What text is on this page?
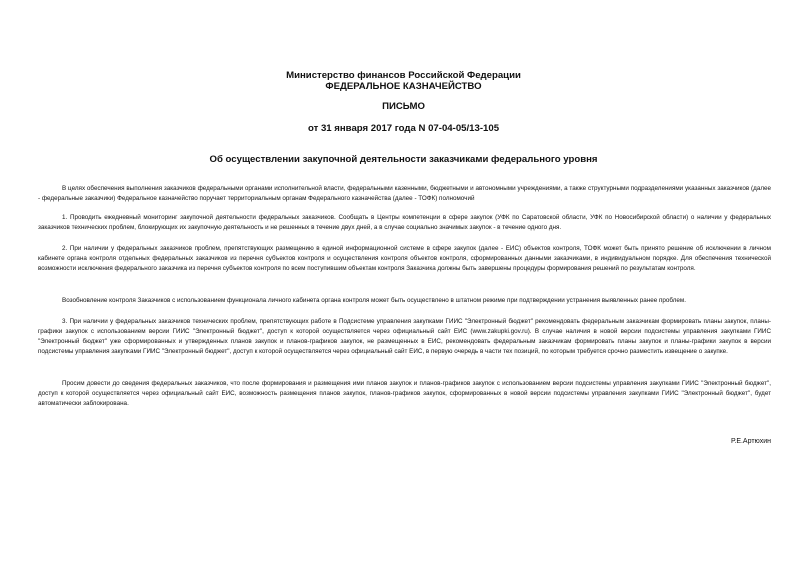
Министерство финансов Российской Федерации
ФЕДЕРАЛЬНОЕ КАЗНАЧЕЙСТВО
ПИСЬМО
от 31 января 2017 года N 07-04-05/13-105
Об осуществлении закупочной деятельности заказчиками федерального уровня
В целях обеспечения выполнения заказчиков федеральными органами исполнительной власти, федеральными казенными, бюджетными и автономными учреждениями, а также структурными подразделениями указанных заказчиков (далее - федеральные заказчики) Федеральное казначейство поручает территориальным органам Федерального казначейства (далее - ТОФК) полномочий
1. Проводить ежедневный мониторинг закупочной деятельности федеральных заказчиков. Сообщать в Центры компетенции в сфере закупок (УФК по Саратовской области, УФК по Новосибирской области) о наличии у федеральных заказчиков технических проблем, блокирующих их закупочную деятельность и не решенных в течение двух дней, а в случае социально значимых закупок - в течение одного дня.
2. При наличии у федеральных заказчиков проблем, препятствующих размещению в единой информационной системе в сфере закупок (далее - ЕИС) объектов контроля, ТОФК может быть принято решение об исключении в личном кабинете органа контроля отдельных федеральных заказчиков из перечня субъектов контроля и осуществления контроля объектов контроля, сформированных данными заказчиками, в индивидуальном порядке. Для обеспечения технической возможности исключения федерального заказчика из перечня субъектов контроля по всем поступившим объектам контроля Заказчика должны быть завершены процедуры формирования решений по результатам контроля.
Возобновление контроля Заказчиков с использованием функционала личного кабинета органа контроля может быть осуществлено в штатном режиме при подтверждении устранения выявленных ранее проблем.
3. При наличии у федеральных заказчиков технических проблем, препятствующих работе в Подсистеме управления закупками ГИИС "Электронный бюджет" рекомендовать федеральным заказчикам формировать планы закупок, планы-графики закупок с использованием версии ГИИС "Электронный бюджет", доступ к которой осуществляется через официальный сайт ЕИС (www.zakupki.gov.ru). В случае наличия в новой версии подсистемы управления закупками ГИИС "Электронный бюджет" уже сформированных и утвержденных планов закупок и планов-графиков закупок, не размещенных в ЕИС, рекомендовать федеральным заказчикам формировать планы закупок и планы-графики закупок в версии подсистемы управления закупками ГИИС "Электронный бюджет", доступ к которой осуществляется через официальный сайт ЕИС, в первую очередь в части тех позиций, по которым требуется срочно разместить извещение о закупке.
Просим довести до сведения федеральных заказчиков, что после формирования и размещения ими планов закупок и планов-графиков закупок с использованием версии подсистемы управления закупками ГИИС "Электронный бюджет", доступ к которой осуществляется через официальный сайт ЕИС, возможность размещения планов закупок, планов-графиков закупок, сформированных в новой версии подсистемы управления закупками ГИИС "Электронный бюджет", будет автоматически заблокирована.
Р.Е.Артюхин
